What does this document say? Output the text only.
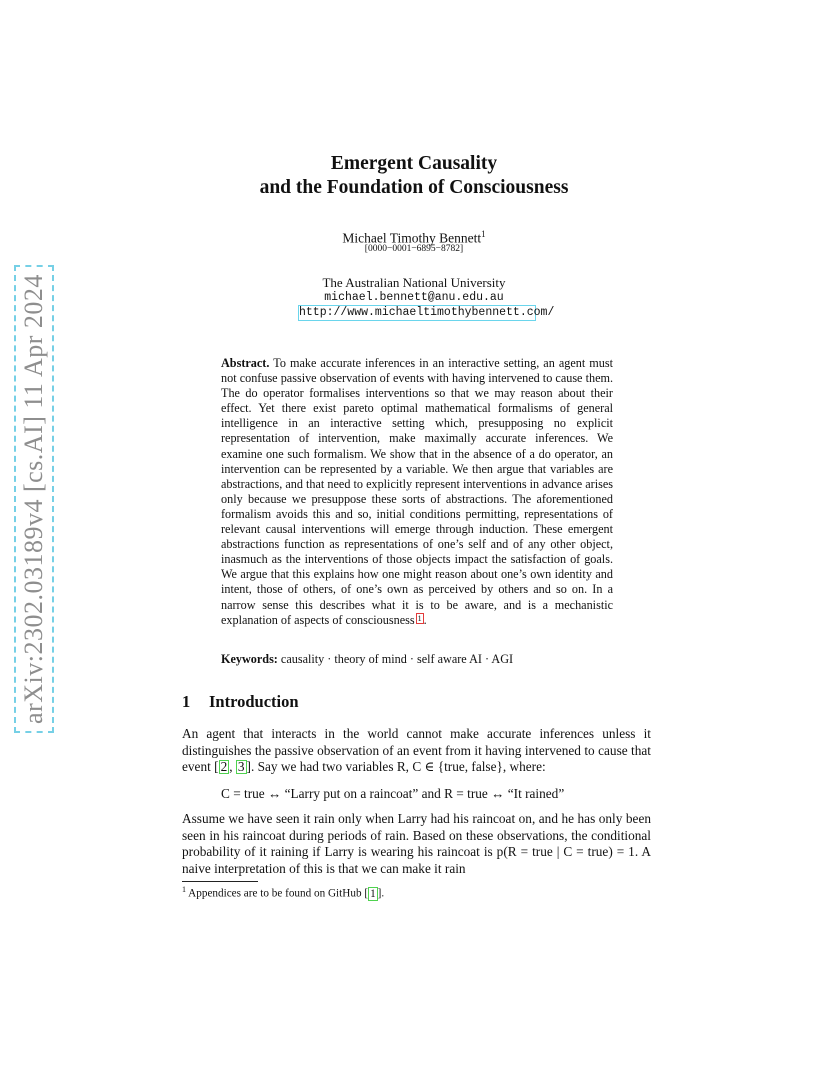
arXiv:2302.03189v4 [cs.AI] 11 Apr 2024
Emergent Causality
and the Foundation of Consciousness
Michael Timothy Bennett$^1$
[0000−0001−6895−8782]
The Australian National University
michael.bennett@anu.edu.au
http://www.michaeltimothybennett.com/
Abstract. To make accurate inferences in an interactive setting, an agent must not confuse passive observation of events with having intervened to cause them. The do operator formalises interventions so that we may reason about their effect. Yet there exist pareto optimal mathematical formalisms of general intelligence in an interactive setting which, presupposing no explicit representation of intervention, make maximally accurate inferences. We examine one such formalism. We show that in the absence of a do operator, an intervention can be represented by a variable. We then argue that variables are abstractions, and that need to explicitly represent interventions in advance arises only because we presuppose these sorts of abstractions. The aforementioned formalism avoids this and so, initial conditions permitting, representations of relevant causal interventions will emerge through induction. These emergent abstractions function as representations of one’s self and of any other object, inasmuch as the interventions of those objects impact the satisfaction of goals. We argue that this explains how one might reason about one’s own identity and intent, those of others, of one’s own as perceived by others and so on. In a narrow sense this describes what it is to be aware, and is a mechanistic explanation of aspects of consciousness 1 .
Keywords: causality · theory of mind · self aware AI · AGI
1 Introduction
An agent that interacts in the world cannot make accurate inferences unless it distinguishes the passive observation of an event from it having intervened to cause that event [ 2 , 3 ]. Say we had two variables R, C ∈ {true, false}, where:
C = true ↔ “Larry put on a raincoat” and R = true ↔ “It rained”
Assume we have seen it rain only when Larry had his raincoat on, and he has only been seen in his raincoat during periods of rain. Based on these observations, the conditional probability of it raining if Larry is wearing his raincoat is p(R = true | C = true) = 1. A naive interpretation of this is that we can make it rain
$^1$ Appendices are to be found on GitHub [ 1 ].
